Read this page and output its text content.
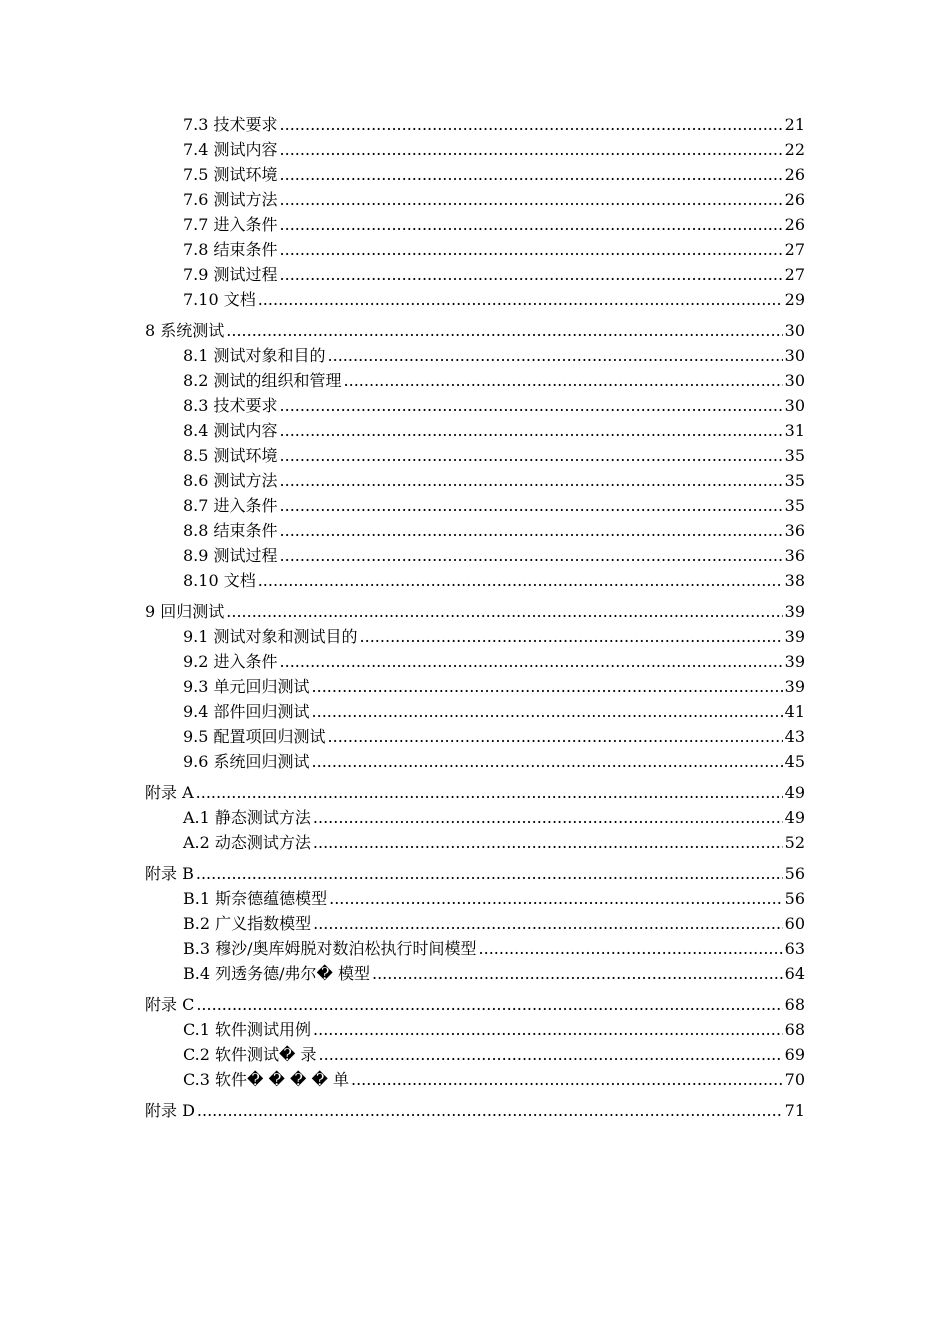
7.3 技术要求 .....	21
7.4 测试内容 .....	22
7.5 测试环境 .....	26
7.6 测试方法 .....	26
7.7 进入条件 .....	26
7.8 结束条件 .....	27
7.9 测试过程 .....	27
7.10 文档 .....	29
8 系统测试 .....	30
8.1 测试对象和目的 .....	30
8.2 测试的组织和管理 .....	30
8.3 技术要求 .....	30
8.4 测试内容 .....	31
8.5 测试环境 .....	35
8.6 测试方法 .....	35
8.7 进入条件 .....	35
8.8 结束条件 .....	36
8.9 测试过程 .....	36
8.10 文档 .....	38
9 回归测试 .....	39
9.1 测试对象和测试目的 .....	39
9.2 进入条件 .....	39
9.3 单元回归测试 .....	39
9.4 部件回归测试 .....	41
9.5 配置项回归测试 .....	43
9.6 系统回归测试 .....	45
附录 A .....	49
A.1 静态测试方法 .....	49
A.2 动态测试方法 .....	52
附录 B .....	56
B.1 斯奈德蕴德模型 .....	56
B.2 广义指数模型 .....	60
B.3 穆沙/奥库姆脱对数泊松执行时间模型 .....	63
B.4 列透务德/弗尔� 模型 .....	64
附录 C .....	68
C.1 软件测试用例 .....	68
C.2 软件测试� 录 .....	69
C.3 软件� � � � 单 .....	70
附录 D .....	71
